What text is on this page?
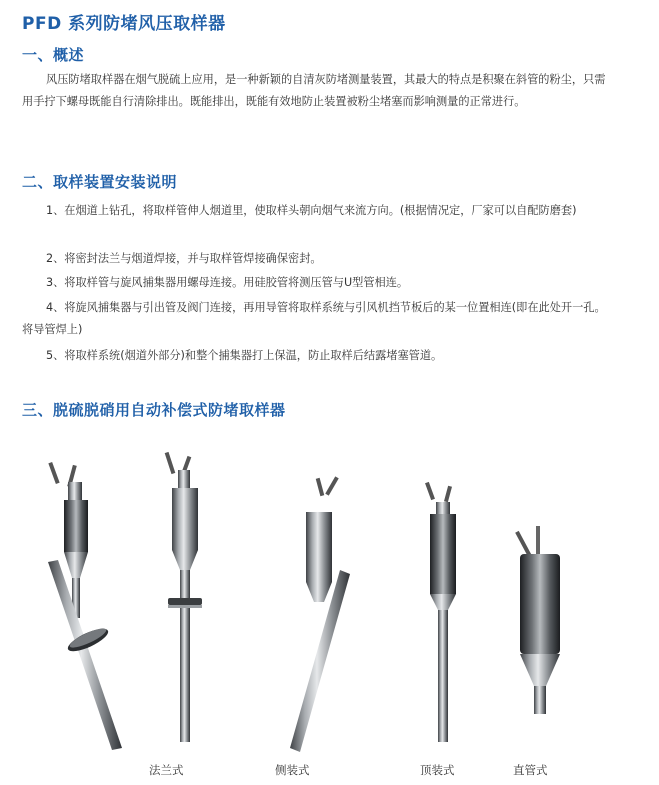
PFD 系列防堵风压取样器
一、概述

风压防堵取样器在烟气脱硫上应用，是一种新颖的自清灰防堵测量装置，其最大的特点是积聚在斜管的粉尘，只需用手拧下螺母既能自行清除排出。既能排出，既能有效地防止装置被粉尘堵塞而影响测量的正常进行。

二、取样装置安装说明

1、在烟道上钻孔，将取样管伸人烟道里，使取样头朝向烟气来流方向。(根据情况定，厂家可以自配防磨套)

2、将密封法兰与烟道焊接，并与取样管焊接确保密封。

3、将取样管与旋风捕集器用螺母连接。用硅胶管将测压管与U型管相连。

4、将旋风捕集器与引出管及阀门连接，再用导管将取样系统与引风机挡节板后的某一位置相连(即在此处开一孔。将导管焊上)

5、将取样系统(烟道外部分)和整个捕集器打上保温，防止取样后结露堵塞管道。

三、脱硫脱硝用自动补偿式防堵取样器
法兰式	侧装式	顶装式	直管式
